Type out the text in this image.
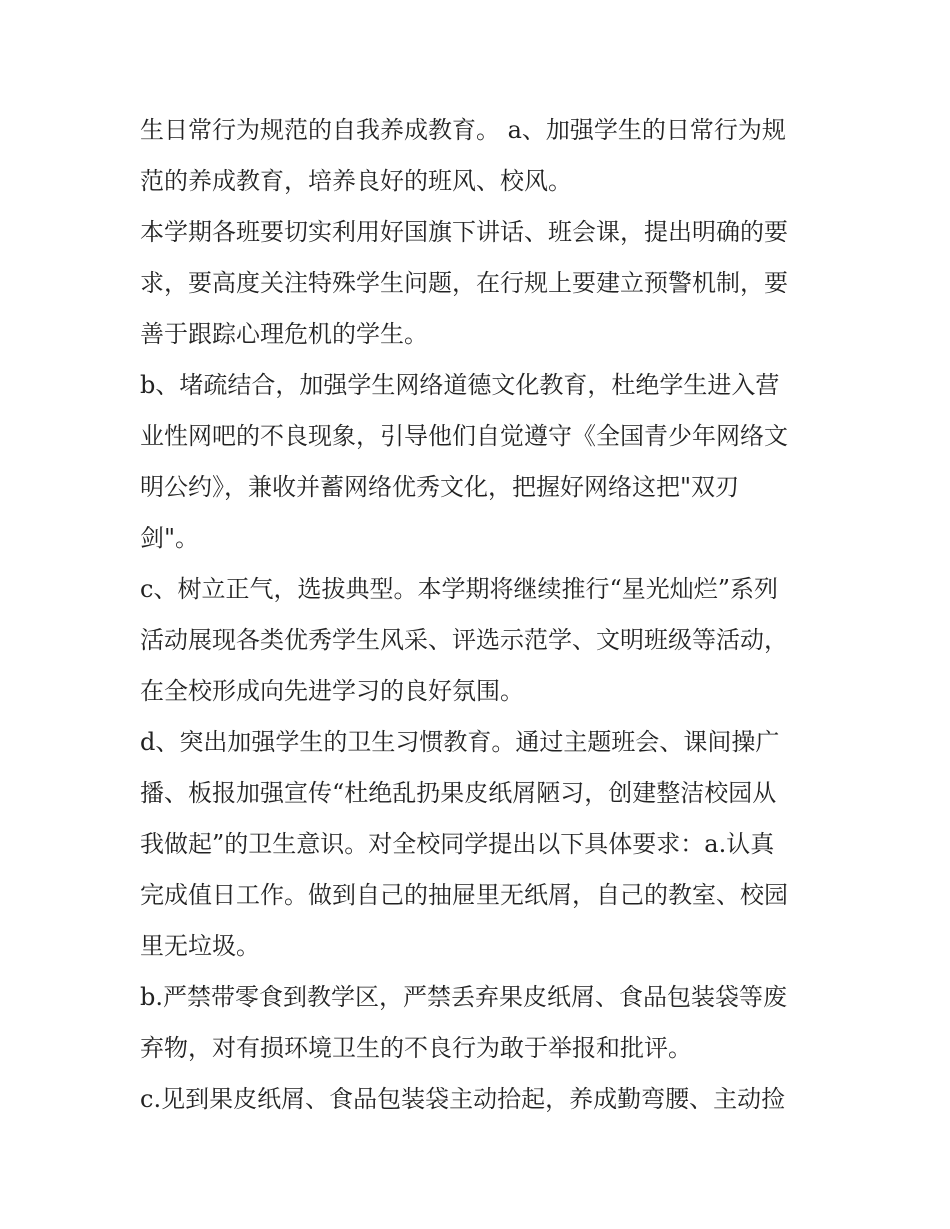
生日常行为规范的自我养成教育。 a、加强学生的日常行为规
范的养成教育，培养良好的班风、校风。
本学期各班要切实利用好国旗下讲话、班会课，提出明确的要
求，要高度关注特殊学生问题，在行规上要建立预警机制，要
善于跟踪心理危机的学生。
b、堵疏结合，加强学生网络道德文化教育，杜绝学生进入营
业性网吧的不良现象，引导他们自觉遵守《全国青少年网络文
明公约》，兼收并蓄网络优秀文化，把握好网络这把"双刃
剑"。
c、树立正气，选拔典型。本学期将继续推行“星光灿烂”系列
活动展现各类优秀学生风采、评选示范学、文明班级等活动，
在全校形成向先进学习的良好氛围。
d、突出加强学生的卫生习惯教育。通过主题班会、课间操广
播、板报加强宣传“杜绝乱扔果皮纸屑陋习，创建整洁校园从
我做起”的卫生意识。对全校同学提出以下具体要求：a.认真
完成值日工作。做到自己的抽屉里无纸屑，自己的教室、校园
里无垃圾。
b.严禁带零食到教学区，严禁丢弃果皮纸屑、食品包装袋等废
弃物，对有损环境卫生的不良行为敢于举报和批评。
c.见到果皮纸屑、食品包装袋主动拾起，养成勤弯腰、主动捡
